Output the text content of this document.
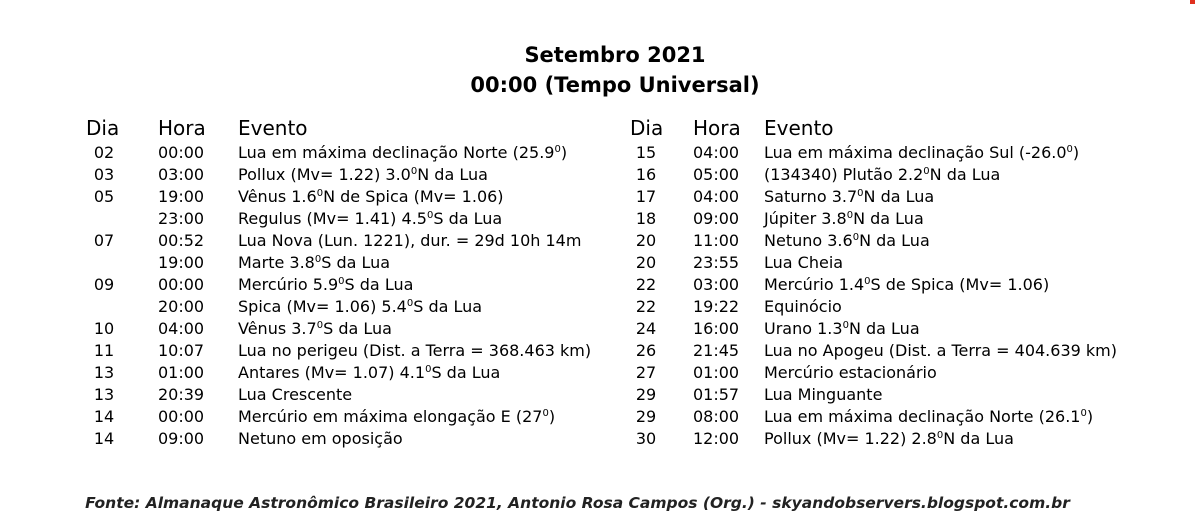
Setembro 2021
00:00 (Tempo Universal)
Dia Hora Evento
02	00:00 Lua em máxima declinação Norte (25.9$^0$)
03	03:00 Pollux (Mv= 1.22) $3.0^0N$ da Lua
05	19:00 Vênus $1.6^0N$ de Spica (Mv= 1.06)
23:00 Regulus (Mv= 1.41) $4.5^0S$ da Lua
07	00:52 Lua Nova (Lun. 1221), dur. = 29d 10h 14m
19:00 Marte $3.8^0S$ da Lua
09	00:00 Mercúrio $5.9^0S$ da Lua
20:00 Spica (Mv= 1.06) $5.4^0S$ da Lua
10	04:00 Vênus $3.7^0S$ da Lua
11	10:07 Lua no perigeu (Dist. a Terra = 368.463 km)
13	01:00 Antares (Mv= 1.07) $4.1^0S$ da Lua
13	20:39 Lua Crescente
14	00:00 Mercúrio em máxima elongação E $(27^0)$
14	09:00 Netuno em oposição
Dia Hora Evento
15 04:00 Lua em máxima declinação Sul (-26.0$^0$)
16 05:00 (134340) Plutão $2.2^0N$ da Lua
17 04:00 Saturno $3.7^0N$ da Lua
18 09:00 Júpiter $3.8^0N$ da Lua
20 11:00 Netuno $3.6^0N$ da Lua
20 23:55 Lua Cheia
22 03:00 Mercúrio $1.4^0S$ de Spica (Mv= 1.06)
22 19:22 Equinócio
24 16:00 Urano $1.3^0N$ da Lua
26 21:45 Lua no Apogeu (Dist. a Terra = 404.639 km)
27 01:00 Mercúrio estacionário
29 01:57 Lua Minguante
29 08:00 Lua em máxima declinação Norte (26.1$^0$)
30 12:00 Pollux (Mv= 1.22) $2.8^0N$ da Lua
Fonte: Almanaque Astronômico Brasileiro 2021, Antonio Rosa Campos (Org.) - skyandobservers.blogspot.com.br
